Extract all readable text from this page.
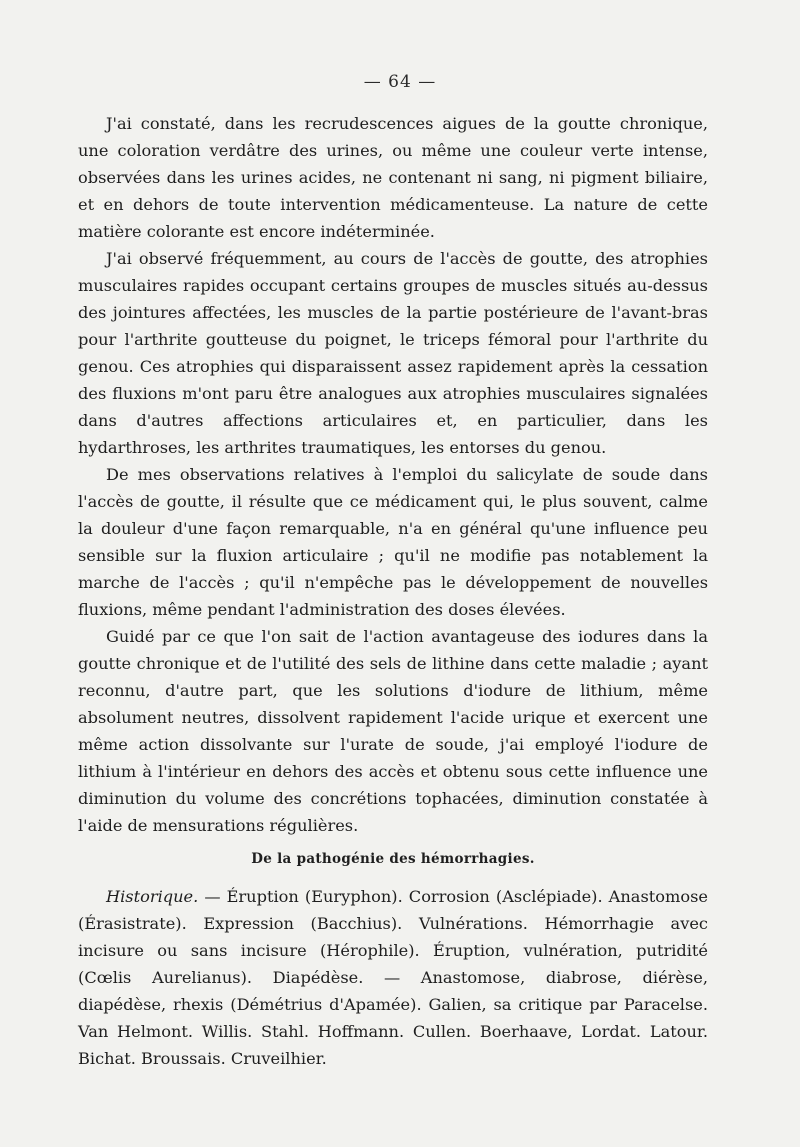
— 64 —

J'ai constaté, dans les recrudescences aigues de la goutte chronique, une coloration verdâtre des urines, ou même une couleur verte intense, observées dans les urines acides, ne contenant ni sang, ni pigment biliaire, et en dehors de toute intervention médicamenteuse. La nature de cette matière colorante est encore indéterminée.

J'ai observé fréquemment, au cours de l'accès de goutte, des atrophies musculaires rapides occupant certains groupes de muscles situés au-dessus des jointures affectées, les muscles de la partie postérieure de l'avant-bras pour l'arthrite goutteuse du poignet, le triceps fémoral pour l'arthrite du genou. Ces atrophies qui disparaissent assez rapidement après la cessation des fluxions m'ont paru être analogues aux atrophies musculaires signalées dans d'autres affections articulaires et, en particulier, dans les hydarthroses, les arthrites traumatiques, les entorses du genou.

De mes observations relatives à l'emploi du salicylate de soude dans l'accès de goutte, il résulte que ce médicament qui, le plus souvent, calme la douleur d'une façon remarquable, n'a en général qu'une influence peu sensible sur la fluxion articulaire ; qu'il ne modifie pas notablement la marche de l'accès ; qu'il n'empêche pas le développement de nouvelles fluxions, même pendant l'administration des doses élevées.

Guidé par ce que l'on sait de l'action avantageuse des iodures dans la goutte chronique et de l'utilité des sels de lithine dans cette maladie ; ayant reconnu, d'autre part, que les solutions d'iodure de lithium, même absolument neutres, dissolvent rapidement l'acide urique et exercent une même action dissolvante sur l'urate de soude, j'ai employé l'iodure de lithium à l'intérieur en dehors des accès et obtenu sous cette influence une diminution du volume des concrétions tophacées, diminution constatée à l'aide de mensurations régulières.

De la pathogénie des hémorrhagies.

Historique. — Éruption (Euryphon). Corrosion (Asclépiade). Anastomose (Érasistrate). Expression (Bacchius). Vulnérations. Hémorrhagie avec incisure ou sans incisure (Hérophile). Éruption, vulnération, putridité (Cœlis Aurelianus). Diapédèse. — Anastomose, diabrose, diérèse, diapédèse, rhexis (Démétrius d'Apamée). Galien, sa critique par Paracelse. Van Helmont. Willis. Stahl. Hoffmann. Cullen. Boerhaave, Lordat. Latour. Bichat. Broussais. Cruveilhier.
